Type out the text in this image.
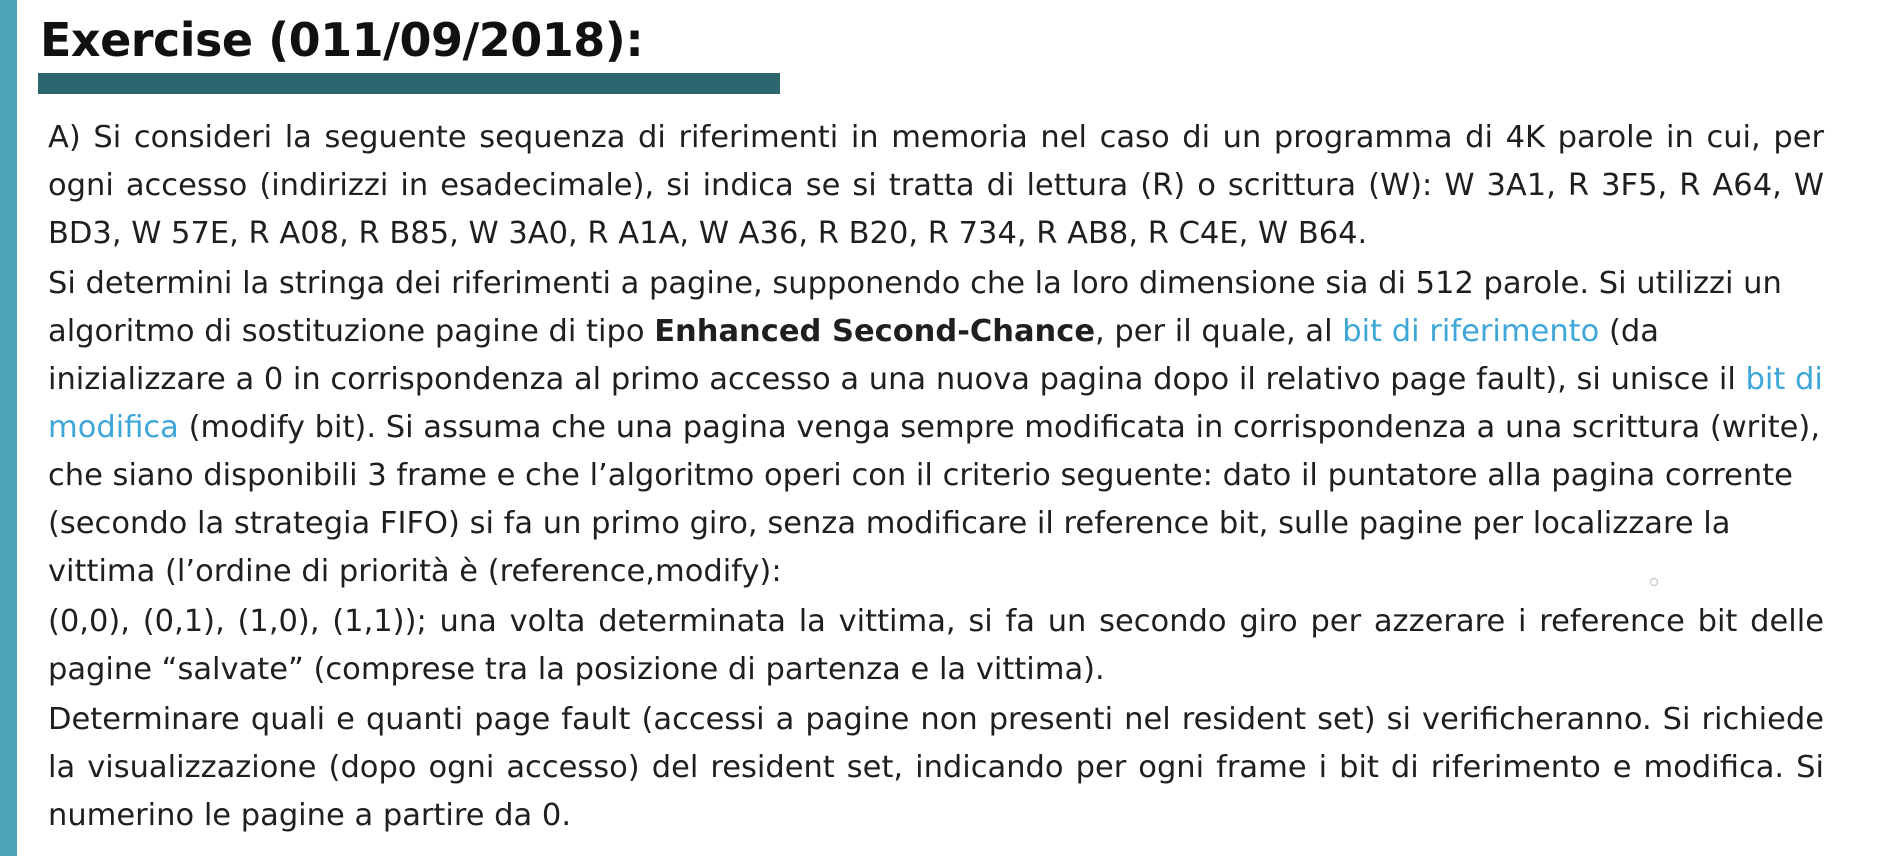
Exercise (011/09/2018):

A) Si consideri la seguente sequenza di riferimenti in memoria nel caso di un programma di 4K parole in cui, per ogni accesso (indirizzi in esadecimale), si indica se si tratta di lettura (R) o scrittura (W): W 3A1, R 3F5, R A64, W BD3, W 57E, R A08, R B85, W 3A0, R A1A, W A36, R B20, R 734, R AB8, R C4E, W B64.

Si determini la stringa dei riferimenti a pagine, supponendo che la loro dimensione sia di 512 parole. Si utilizzi un algoritmo di sostituzione pagine di tipo Enhanced Second-Chance, per il quale, al bit di riferimento (da inizializzare a 0 in corrispondenza al primo accesso a una nuova pagina dopo il relativo page fault), si unisce il bit di modifica (modify bit). Si assuma che una pagina venga sempre modificata in corrispondenza a una scrittura (write), che siano disponibili 3 frame e che l’algoritmo operi con il criterio seguente: dato il puntatore alla pagina corrente (secondo la strategia FIFO) si fa un primo giro, senza modificare il reference bit, sulle pagine per localizzare la vittima (l’ordine di priorità è (reference,modify):

(0,0), (0,1), (1,0), (1,1)); una volta determinata la vittima, si fa un secondo giro per azzerare i reference bit delle pagine “salvate” (comprese tra la posizione di partenza e la vittima).

Determinare quali e quanti page fault (accessi a pagine non presenti nel resident set) si verificheranno. Si richiede la visualizzazione (dopo ogni accesso) del resident set, indicando per ogni frame i bit di riferimento e modifica. Si numerino le pagine a partire da 0.
